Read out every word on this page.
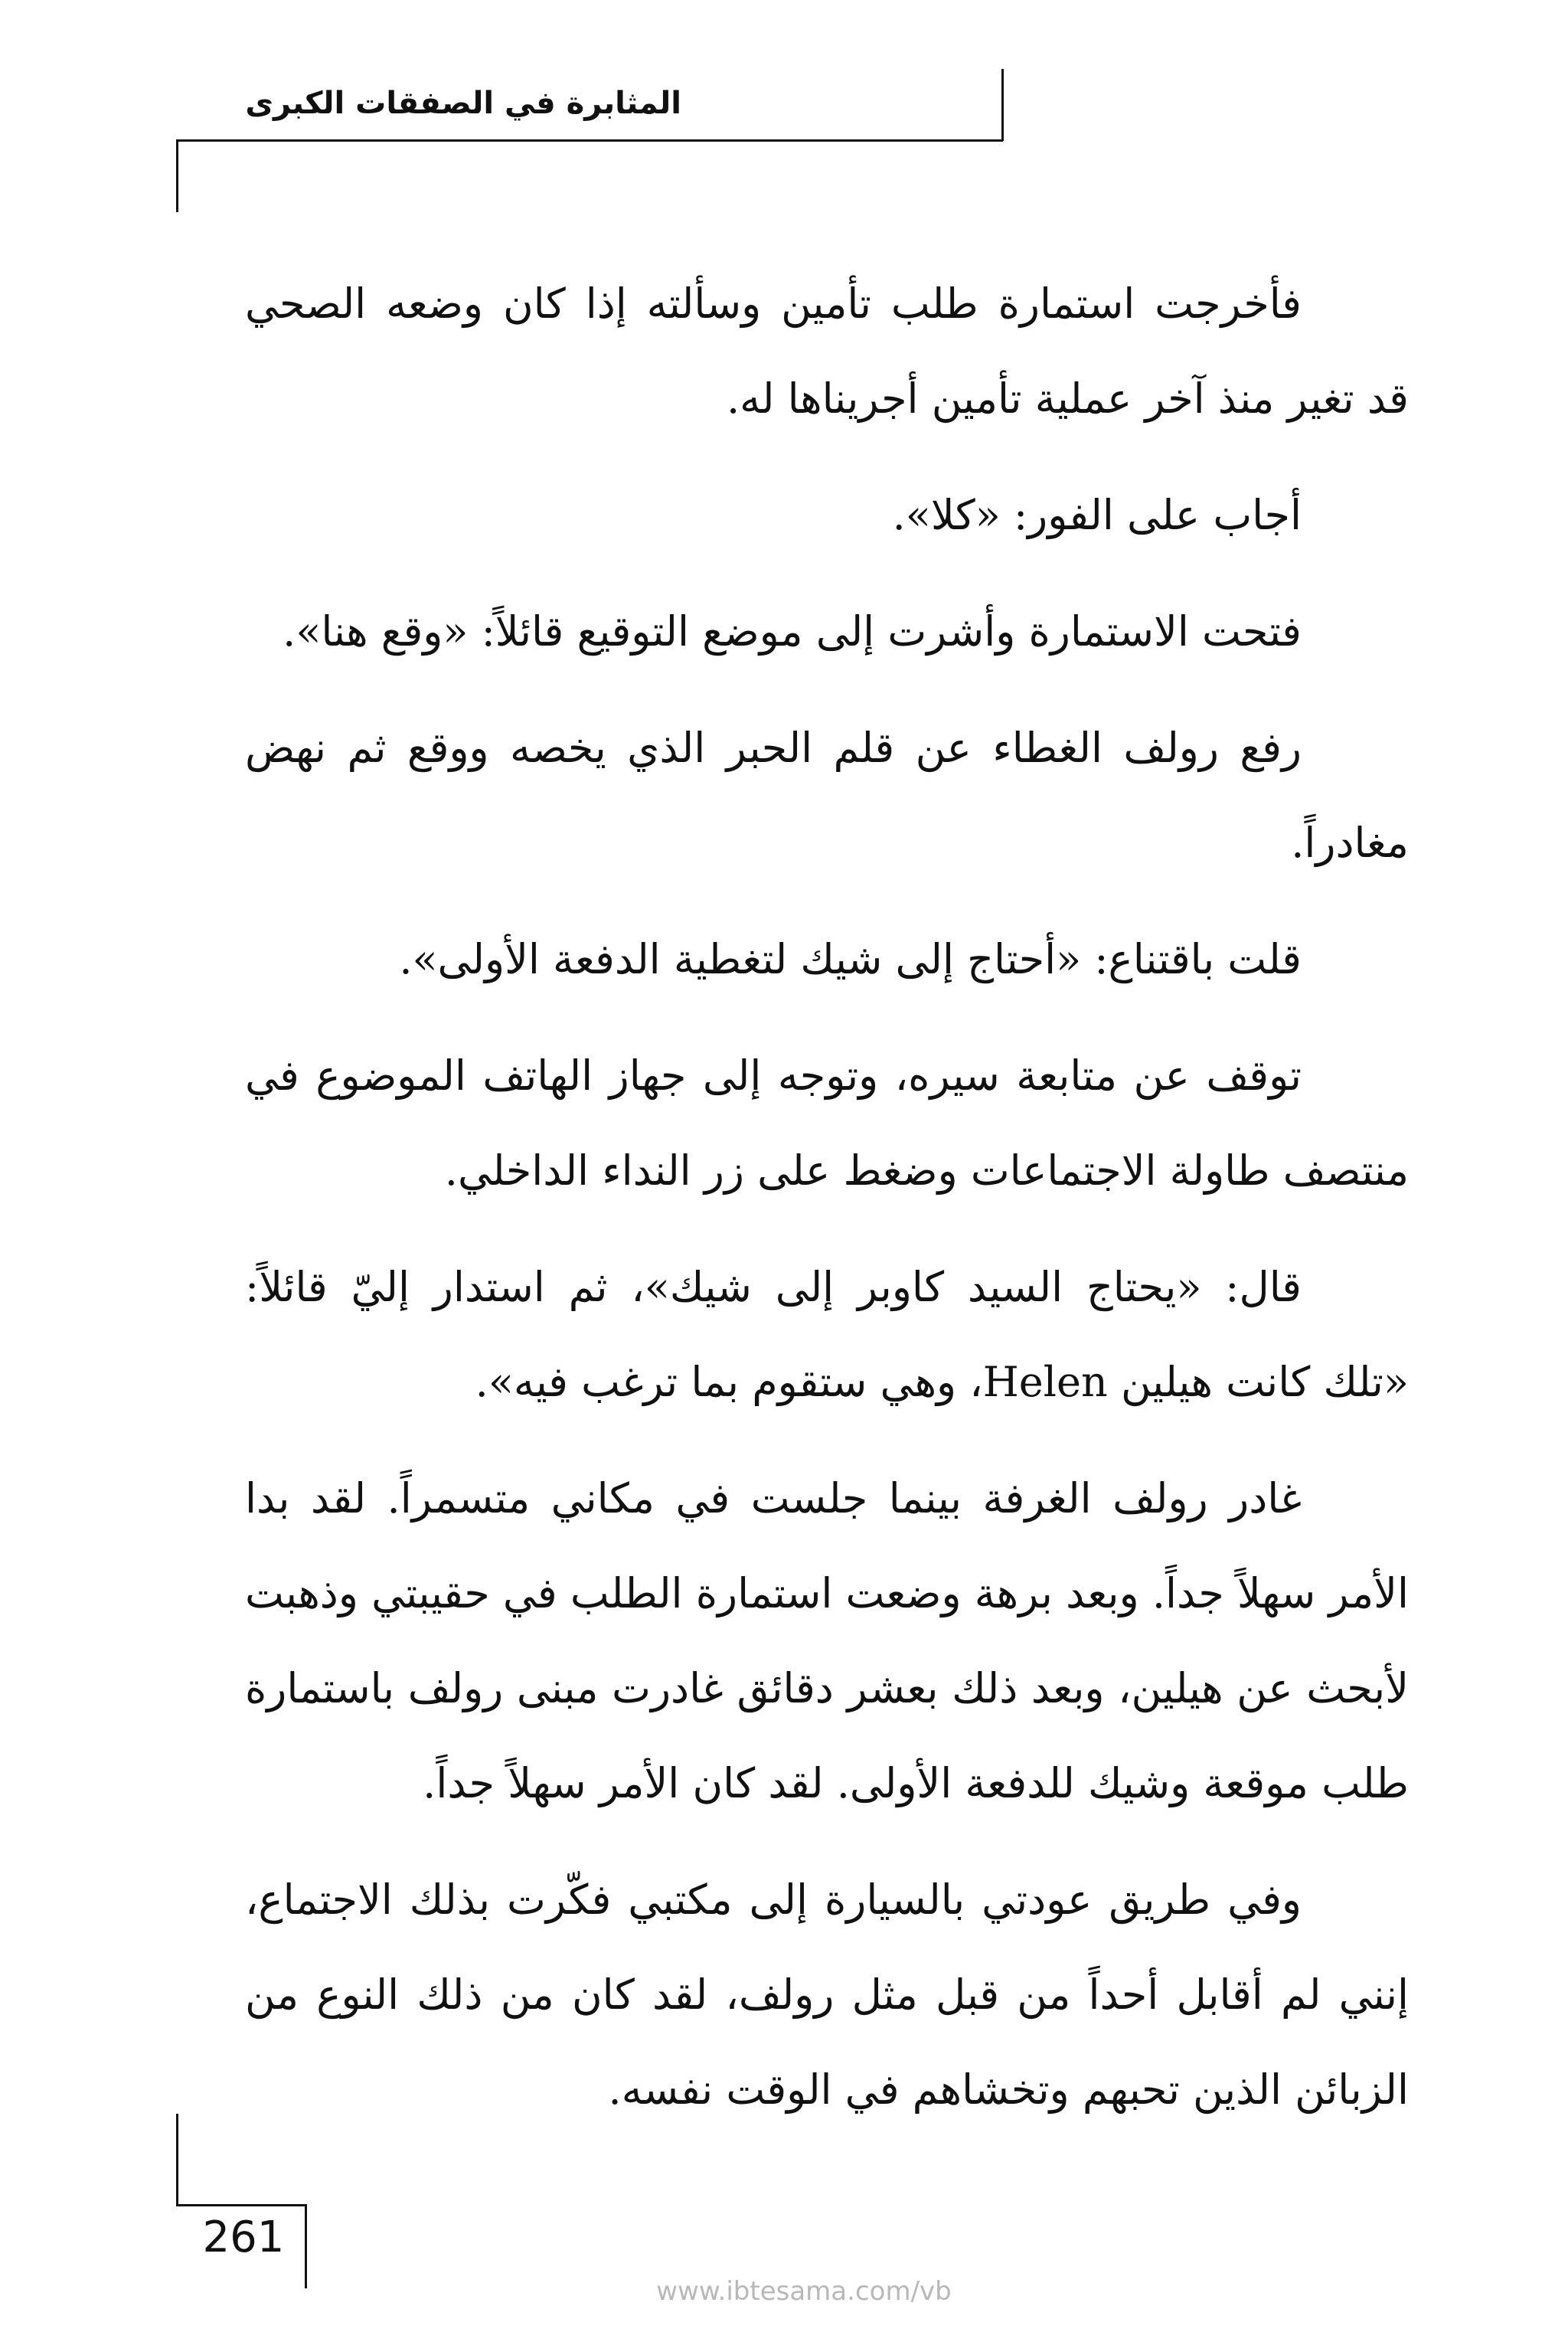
المثابرة في الصفقات الكبرى

فأخرجت استمارة طلب تأمين وسألته إذا كان وضعه الصحي قد تغير منذ آخر عملية تأمين أجريناها له.

أجاب على الفور: «كلا».

فتحت الاستمارة وأشرت إلى موضع التوقيع قائلاً: «وقع هنا».

رفع رولف الغطاء عن قلم الحبر الذي يخصه ووقع ثم نهض مغادراً.

قلت باقتناع: «أحتاج إلى شيك لتغطية الدفعة الأولى».

توقف عن متابعة سيره، وتوجه إلى جهاز الهاتف الموضوع في منتصف طاولة الاجتماعات وضغط على زر النداء الداخلي.

قال: «يحتاج السيد كاوبر إلى شيك»، ثم استدار إليّ قائلاً: «تلك كانت هيلين Helen، وهي ستقوم بما ترغب فيه».

غادر رولف الغرفة بينما جلست في مكاني متسمراً. لقد بدا الأمر سهلاً جداً. وبعد برهة وضعت استمارة الطلب في حقيبتي وذهبت لأبحث عن هيلين، وبعد ذلك بعشر دقائق غادرت مبنى رولف باستمارة طلب موقعة وشيك للدفعة الأولى. لقد كان الأمر سهلاً جداً.

وفي طريق عودتي بالسيارة إلى مكتبي فكّرت بذلك الاجتماع، إنني لم أقابل أحداً من قبل مثل رولف، لقد كان من ذلك النوع من الزبائن الذين تحبهم وتخشاهم في الوقت نفسه.

261
www.ibtesama.com/vb
